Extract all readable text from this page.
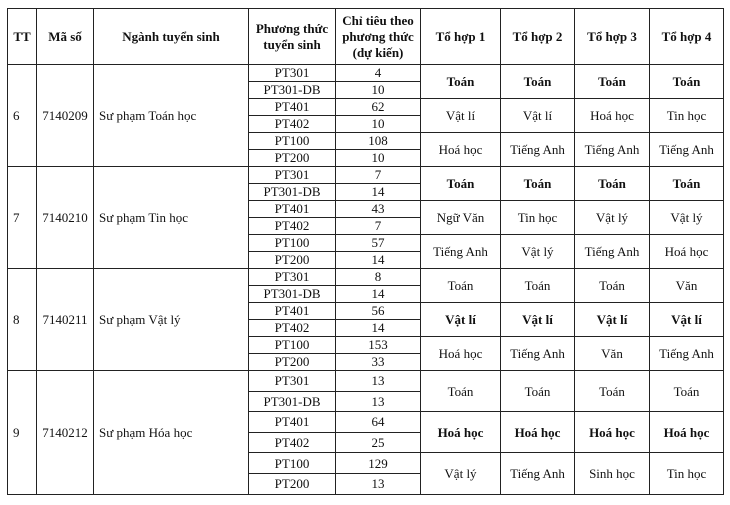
TT	Mã số	Ngành tuyển sinh	Phương thức tuyển sinh	Chỉ tiêu theo phương thức (dự kiến)	Tổ hợp 1	Tổ hợp 2	Tổ hợp 3	Tổ hợp 4
6	7140209	Sư phạm Toán học	PT301	4	Toán	Toán	Toán	Toán
			PT301-DB	10				
			PT401	62	Vật lí	Vật lí	Hoá học	Tin học
			PT402	10				
			PT100	108	Hoá học	Tiếng Anh	Tiếng Anh	Tiếng Anh
			PT200	10				
7	7140210	Sư phạm Tin học	PT301	7	Toán	Toán	Toán	Toán
			PT301-DB	14				
			PT401	43	Ngữ Văn	Tin học	Vật lý	Vật lý
			PT402	7				
			PT100	57	Tiếng Anh	Vật lý	Tiếng Anh	Hoá học
			PT200	14				
8	7140211	Sư phạm Vật lý	PT301	8	Toán	Toán	Toán	Văn
			PT301-DB	14				
			PT401	56	Vật lí	Vật lí	Vật lí	Vật lí
			PT402	14				
			PT100	153	Hoá học	Tiếng Anh	Văn	Tiếng Anh
			PT200	33				
9	7140212	Sư phạm Hóa học	PT301	13	Toán	Toán	Toán	Toán
			PT301-DB	13				
			PT401	64	Hoá học	Hoá học	Hoá học	Hoá học
			PT402	25				
			PT100	129	Vật lý	Tiếng Anh	Sinh học	Tin học
			PT200	13				
